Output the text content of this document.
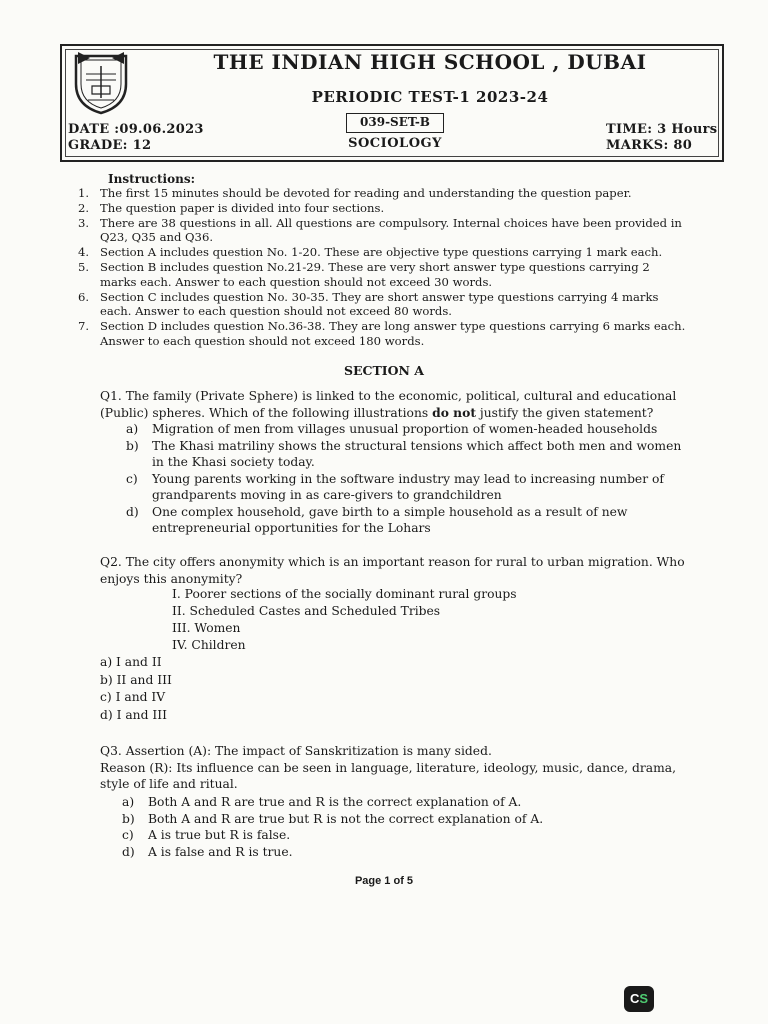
THE INDIAN HIGH SCHOOL , DUBAI
PERIODIC TEST-1 2023-24
039-SET-B
SOCIOLOGY
DATE :09.06.2023
GRADE: 12
TIME: 3 Hours
MARKS: 80
Instructions:
1. The first 15 minutes should be devoted for reading and understanding the question paper.
2. The question paper is divided into four sections.
3. There are 38 questions in all. All questions are compulsory. Internal choices have been provided in Q23, Q35 and Q36.
4. Section A includes question No. 1-20. These are objective type questions carrying 1 mark each.
5. Section B includes question No.21-29. These are very short answer type questions carrying 2 marks each. Answer to each question should not exceed 30 words.
6. Section C includes question No. 30-35. They are short answer type questions carrying 4 marks each. Answer to each question should not exceed 80 words.
7. Section D includes question No.36-38. They are long answer type questions carrying 6 marks each. Answer to each question should not exceed 180 words.
SECTION A
Q1. The family (Private Sphere) is linked to the economic, political, cultural and educational (Public) spheres. Which of the following illustrations do not justify the given statement?
a)	Migration of men from villages unusual proportion of women-headed households
b)	The Khasi matriliny shows the structural tensions which affect both men and women in the Khasi society today.
c)	Young parents working in the software industry may lead to increasing number of grandparents moving in as care-givers to grandchildren
d)	One complex household, gave birth to a simple household as a result of new entrepreneurial opportunities for the Lohars
Q2. The city offers anonymity which is an important reason for rural to urban migration. Who enjoys this anonymity?
I. Poorer sections of the socially dominant rural groups
II. Scheduled Castes and Scheduled Tribes
III. Women
IV. Children
a) I and II
b) II and III
c) I and IV
d) I and III
Q3. Assertion (A): The impact of Sanskritization is many sided.
Reason (R): Its influence can be seen in language, literature, ideology, music, dance, drama, style of life and ritual.
a)	Both A and R are true and R is the correct explanation of A.
b)	Both A and R are true but R is not the correct explanation of A.
c)	A is true but R is false.
d)	A is false and R is true.
Page 1 of 5
CS
